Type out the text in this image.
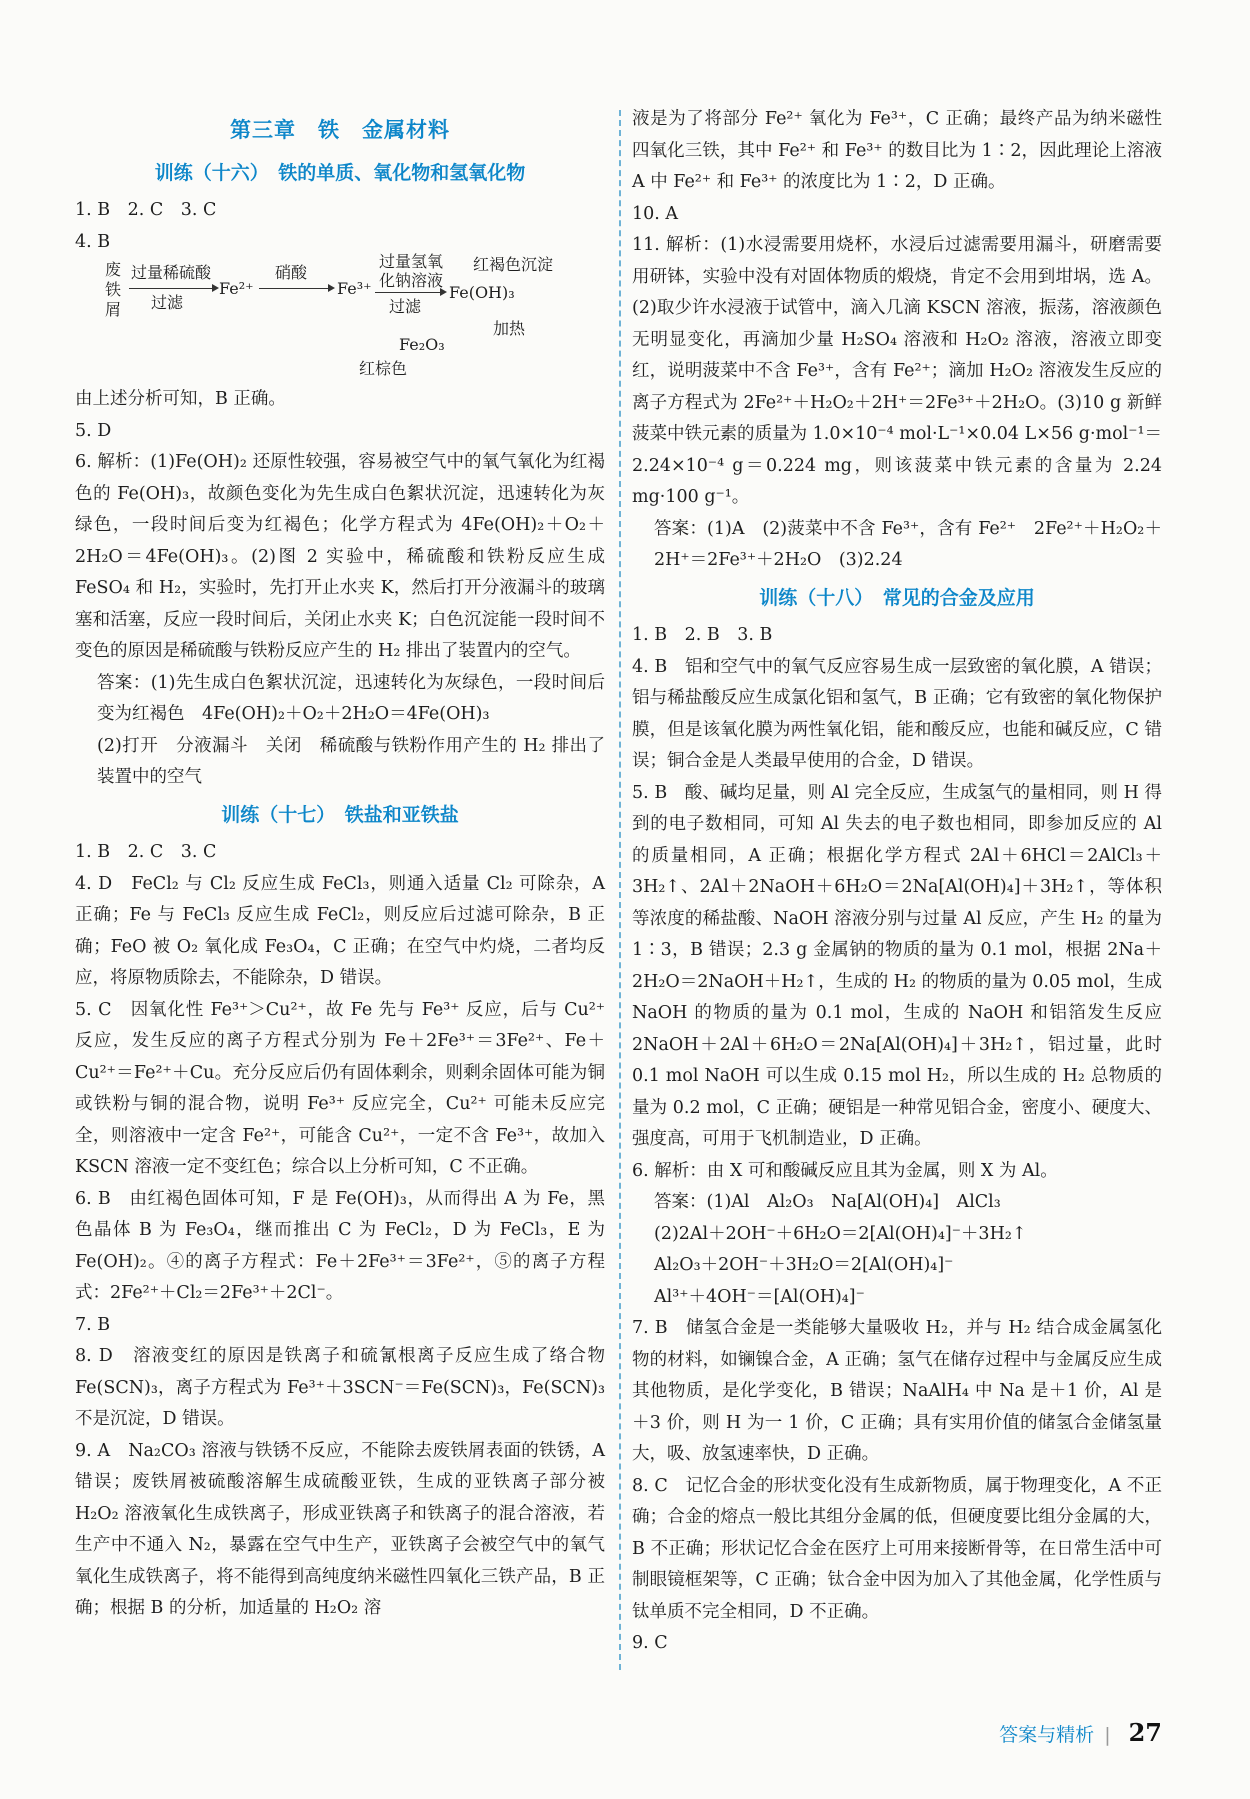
第三章　铁　金属材料
训练（十六）　铁的单质、氧化物和氢氧化物

1. B　2. C　3. C

4. B

废铁屑
过量稀硫酸
过滤
Fe²⁺
硝酸
Fe³⁺
过量氢氧化钠溶液
过滤
Fe(OH)₃
红褐色沉淀
加热
Fe₂O₃
红棕色

由上述分析可知，B 正确。

5. D

6. 解析：(1)Fe(OH)₂ 还原性较强，容易被空气中的氧气氧化为红褐色的 Fe(OH)₃，故颜色变化为先生成白色絮状沉淀，迅速转化为灰绿色，一段时间后变为红褐色；化学方程式为 4Fe(OH)₂＋O₂＋2H₂O＝4Fe(OH)₃。(2)图 2 实验中，稀硫酸和铁粉反应生成 FeSO₄ 和 H₂，实验时，先打开止水夹 K，然后打开分液漏斗的玻璃塞和活塞，反应一段时间后，关闭止水夹 K；白色沉淀能一段时间不变色的原因是稀硫酸与铁粉反应产生的 H₂ 排出了装置内的空气。

答案：(1)先生成白色絮状沉淀，迅速转化为灰绿色，一段时间后变为红褐色　4Fe(OH)₂＋O₂＋2H₂O＝4Fe(OH)₃

(2)打开　分液漏斗　关闭　稀硫酸与铁粉作用产生的 H₂ 排出了装置中的空气

训练（十七）　铁盐和亚铁盐

1. B　2. C　3. C

4. D　FeCl₂ 与 Cl₂ 反应生成 FeCl₃，则通入适量 Cl₂ 可除杂，A 正确；Fe 与 FeCl₃ 反应生成 FeCl₂，则反应后过滤可除杂，B 正确；FeO 被 O₂ 氧化成 Fe₃O₄，C 正确；在空气中灼烧，二者均反应，将原物质除去，不能除杂，D 错误。

5. C　因氧化性 Fe³⁺＞Cu²⁺，故 Fe 先与 Fe³⁺ 反应，后与 Cu²⁺ 反应，发生反应的离子方程式分别为 Fe＋2Fe³⁺＝3Fe²⁺、Fe＋Cu²⁺＝Fe²⁺＋Cu。充分反应后仍有固体剩余，则剩余固体可能为铜或铁粉与铜的混合物，说明 Fe³⁺ 反应完全，Cu²⁺ 可能未反应完全，则溶液中一定含 Fe²⁺，可能含 Cu²⁺，一定不含 Fe³⁺，故加入 KSCN 溶液一定不变红色；综合以上分析可知，C 不正确。

6. B　由红褐色固体可知，F 是 Fe(OH)₃，从而得出 A 为 Fe，黑色晶体 B 为 Fe₃O₄，继而推出 C 为 FeCl₂，D 为 FeCl₃，E 为 Fe(OH)₂。④的离子方程式：Fe＋2Fe³⁺＝3Fe²⁺，⑤的离子方程式：2Fe²⁺＋Cl₂＝2Fe³⁺＋2Cl⁻。

7. B

8. D　溶液变红的原因是铁离子和硫氰根离子反应生成了络合物 Fe(SCN)₃，离子方程式为 Fe³⁺＋3SCN⁻＝Fe(SCN)₃，Fe(SCN)₃ 不是沉淀，D 错误。

9. A　Na₂CO₃ 溶液与铁锈不反应，不能除去废铁屑表面的铁锈，A 错误；废铁屑被硫酸溶解生成硫酸亚铁，生成的亚铁离子部分被 H₂O₂ 溶液氧化生成铁离子，形成亚铁离子和铁离子的混合溶液，若生产中不通入 N₂，暴露在空气中生产，亚铁离子会被空气中的氧气氧化生成铁离子，将不能得到高纯度纳米磁性四氧化三铁产品，B 正确；根据 B 的分析，加适量的 H₂O₂ 溶

液是为了将部分 Fe²⁺ 氧化为 Fe³⁺，C 正确；最终产品为纳米磁性四氧化三铁，其中 Fe²⁺ 和 Fe³⁺ 的数目比为 1∶2，因此理论上溶液 A 中 Fe²⁺ 和 Fe³⁺ 的浓度比为 1∶2，D 正确。

10. A

11. 解析：(1)水浸需要用烧杯，水浸后过滤需要用漏斗，研磨需要用研钵，实验中没有对固体物质的煅烧，肯定不会用到坩埚，选 A。(2)取少许水浸液于试管中，滴入几滴 KSCN 溶液，振荡，溶液颜色无明显变化，再滴加少量 H₂SO₄ 溶液和 H₂O₂ 溶液，溶液立即变红，说明菠菜中不含 Fe³⁺，含有 Fe²⁺；滴加 H₂O₂ 溶液发生反应的离子方程式为 2Fe²⁺＋H₂O₂＋2H⁺＝2Fe³⁺＋2H₂O。(3)10 g 新鲜菠菜中铁元素的质量为 1.0×10⁻⁴ mol·L⁻¹×0.04 L×56 g·mol⁻¹＝2.24×10⁻⁴ g＝0.224 mg，则该菠菜中铁元素的含量为 2.24 mg·100 g⁻¹。

答案：(1)A　(2)菠菜中不含 Fe³⁺，含有 Fe²⁺　2Fe²⁺＋H₂O₂＋2H⁺＝2Fe³⁺＋2H₂O　(3)2.24

训练（十八）　常见的合金及应用

1. B　2. B　3. B

4. B　铝和空气中的氧气反应容易生成一层致密的氧化膜，A 错误；铝与稀盐酸反应生成氯化铝和氢气，B 正确；它有致密的氧化物保护膜，但是该氧化膜为两性氧化铝，能和酸反应，也能和碱反应，C 错误；铜合金是人类最早使用的合金，D 错误。

5. B　酸、碱均足量，则 Al 完全反应，生成氢气的量相同，则 H 得到的电子数相同，可知 Al 失去的电子数也相同，即参加反应的 Al 的质量相同，A 正确；根据化学方程式 2Al＋6HCl＝2AlCl₃＋3H₂↑、2Al＋2NaOH＋6H₂O＝2Na[Al(OH)₄]＋3H₂↑，等体积等浓度的稀盐酸、NaOH 溶液分别与过量 Al 反应，产生 H₂ 的量为 1∶3，B 错误；2.3 g 金属钠的物质的量为 0.1 mol，根据 2Na＋2H₂O＝2NaOH＋H₂↑，生成的 H₂ 的物质的量为 0.05 mol，生成 NaOH 的物质的量为 0.1 mol，生成的 NaOH 和铝箔发生反应 2NaOH＋2Al＋6H₂O＝2Na[Al(OH)₄]＋3H₂↑，铝过量，此时 0.1 mol NaOH 可以生成 0.15 mol H₂，所以生成的 H₂ 总物质的量为 0.2 mol，C 正确；硬铝是一种常见铝合金，密度小、硬度大、强度高，可用于飞机制造业，D 正确。

6. 解析：由 X 可和酸碱反应且其为金属，则 X 为 Al。

答案：(1)Al　Al₂O₃　Na[Al(OH)₄]　AlCl₃

(2)2Al＋2OH⁻＋6H₂O＝2[Al(OH)₄]⁻＋3H₂↑

Al₂O₃＋2OH⁻＋3H₂O＝2[Al(OH)₄]⁻

Al³⁺＋4OH⁻＝[Al(OH)₄]⁻

7. B　储氢合金是一类能够大量吸收 H₂，并与 H₂ 结合成金属氢化物的材料，如镧镍合金，A 正确；氢气在储存过程中与金属反应生成其他物质，是化学变化，B 错误；NaAlH₄ 中 Na 是＋1 价，Al 是＋3 价，则 H 为一 1 价，C 正确；具有实用价值的储氢合金储氢量大，吸、放氢速率快，D 正确。

8. C　记忆合金的形状变化没有生成新物质，属于物理变化，A 不正确；合金的熔点一般比其组分金属的低，但硬度要比组分金属的大，B 不正确；形状记忆合金在医疗上可用来接断骨等，在日常生活中可制眼镜框架等，C 正确；钛合金中因为加入了其他金属，化学性质与钛单质不完全相同，D 不正确。

9. C

答案与精析 | 27
